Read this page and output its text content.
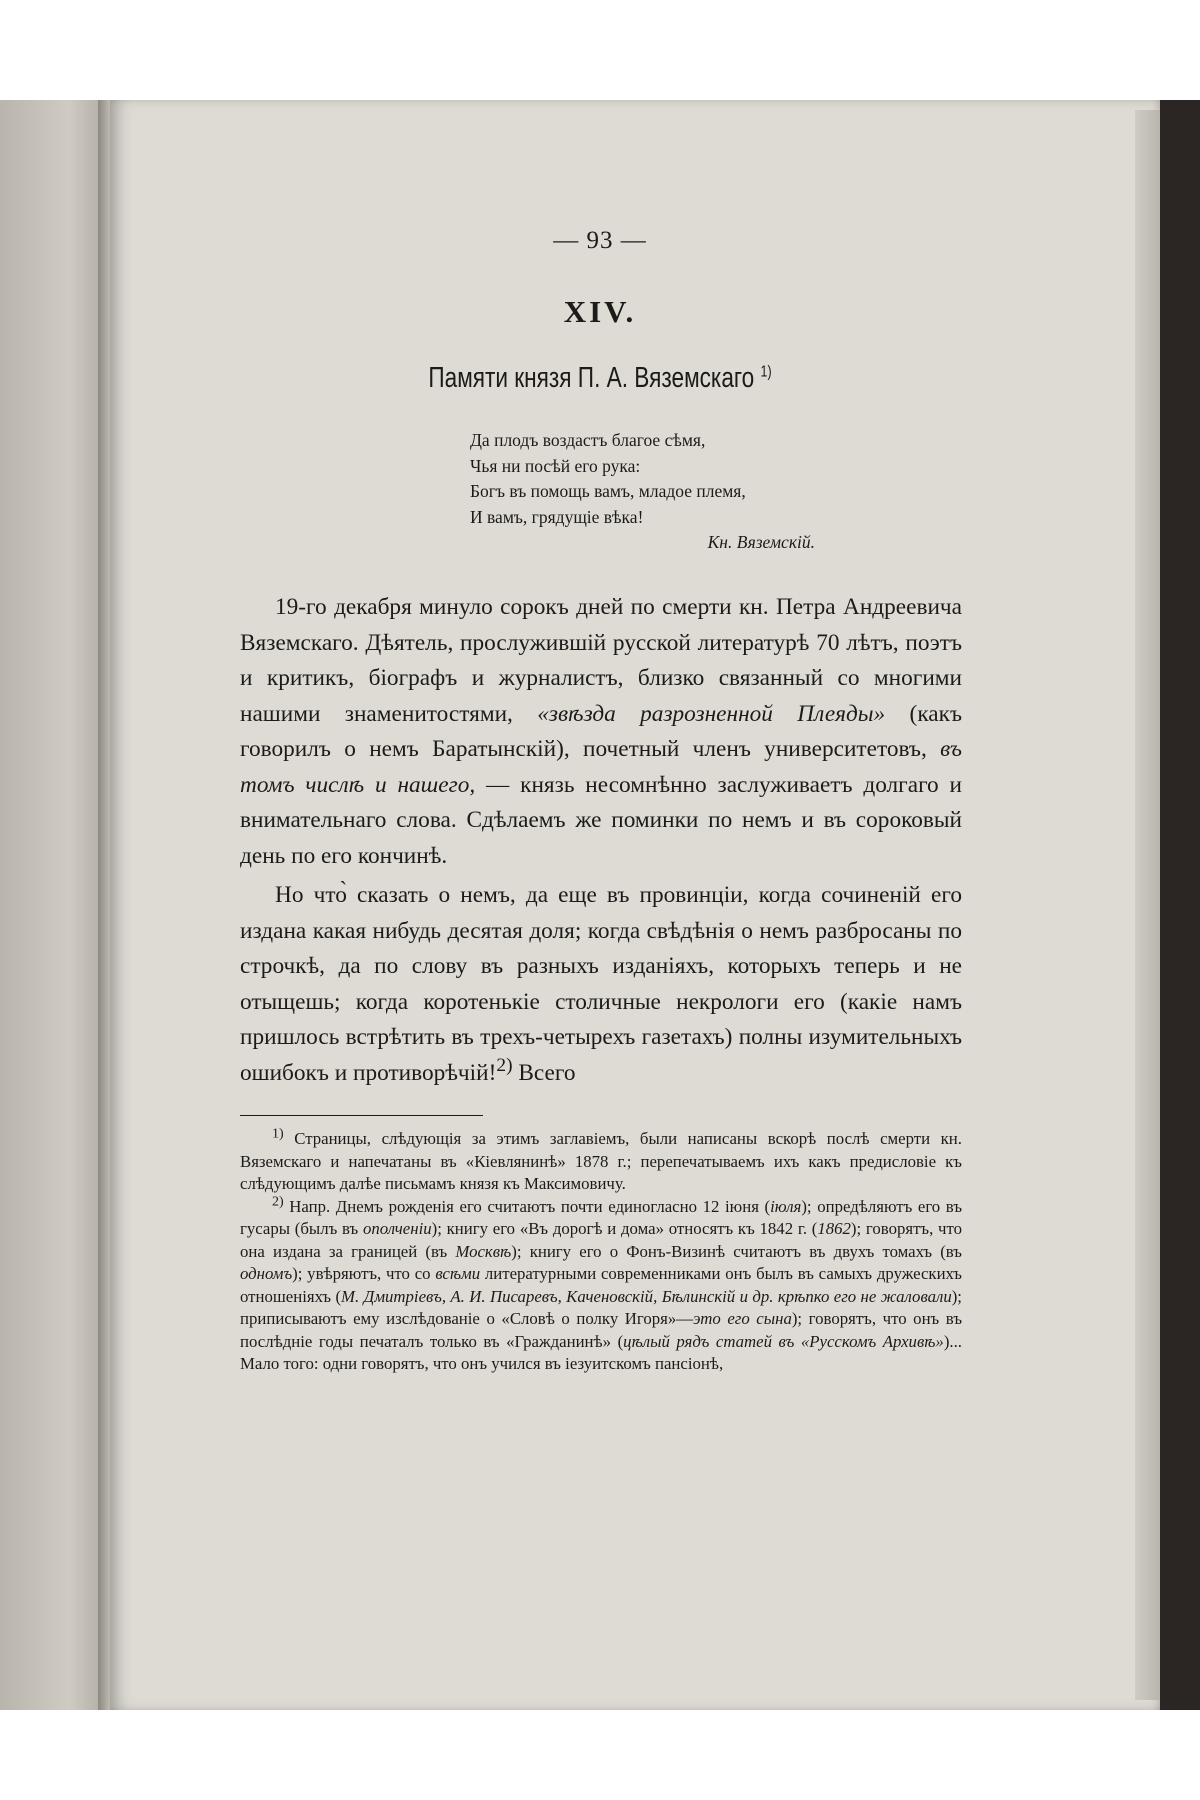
— 93 —
XIV.
Памяти князя П. А. Вяземскаго $^{1)}$
Да плодъ воздастъ благое сѣмя,
Чья ни посѣй его рука:
Богъ въ помощь вамъ, младое племя,
И вамъ, грядущіе вѣка!
Кн. Вяземскій.

19-го декабря минуло сорокъ дней по смерти кн. Петра Андреевича Вяземскаго. Дѣятель, прослужившій русской литературѣ 70 лѣтъ, поэтъ и критикъ, біографъ и журналистъ, близко связанный со многими нашими знаменитостями, «звѣзда разрозненной Плеяды» (какъ говорилъ о немъ Баратынскій), почетный членъ университетовъ, въ томъ числѣ и нашего, — князь несомнѣнно заслуживаетъ долгаго и внимательнаго слова. Сдѣлаемъ же поминки по немъ и въ сороковый день по его кончинѣ.

Но что̀ сказать о немъ, да еще въ провинціи, когда сочиненій его издана какая нибудь десятая доля; когда свѣдѣнія о немъ разбросаны по строчкѣ, да по слову въ разныхъ изданіяхъ, которыхъ теперь и не отыщешь; когда коротенькіе столичные некрологи его (какіе намъ пришлось встрѣтить въ трехъ-четырехъ газетахъ) полны изумительныхъ ошибокъ и противорѣчій!$^{2)}$ Всего

$^{1)}$ Страницы, слѣдующія за этимъ заглавіемъ, были написаны вскорѣ послѣ смерти кн. Вяземскаго и напечатаны въ «Кіевлянинѣ» 1878 г.; перепечатываемъ ихъ какъ предисловіе къ слѣдующимъ далѣе письмамъ князя къ Максимовичу.

$^{2)}$ Напр. Днемъ рожденія его считаютъ почти единогласно 12 іюня (іюля); опредѣляютъ его въ гусары (былъ въ ополченіи); книгу его «Въ дорогѣ и дома» относятъ къ 1842 г. (1862); говорятъ, что она издана за границей (въ Москвѣ); книгу его о Фонъ-Визинѣ считаютъ въ двухъ томахъ (въ одномъ); увѣряютъ, что со всѣми литературными современниками онъ былъ въ самыхъ дружескихъ отношеніяхъ (М. Дмитріевъ, А. И. Писаревъ, Каченовскій, Бѣлинскій и др. крѣпко его не жаловали); приписываютъ ему изслѣдованіе о «Словѣ о полку Игоря»—это его сына); говорятъ, что онъ въ послѣдніе годы печаталъ только въ «Гражданинѣ» (цѣлый рядъ статей въ «Русскомъ Архивѣ»)... Мало того: одни говорятъ, что онъ учился въ іезуитскомъ пансіонѣ,
